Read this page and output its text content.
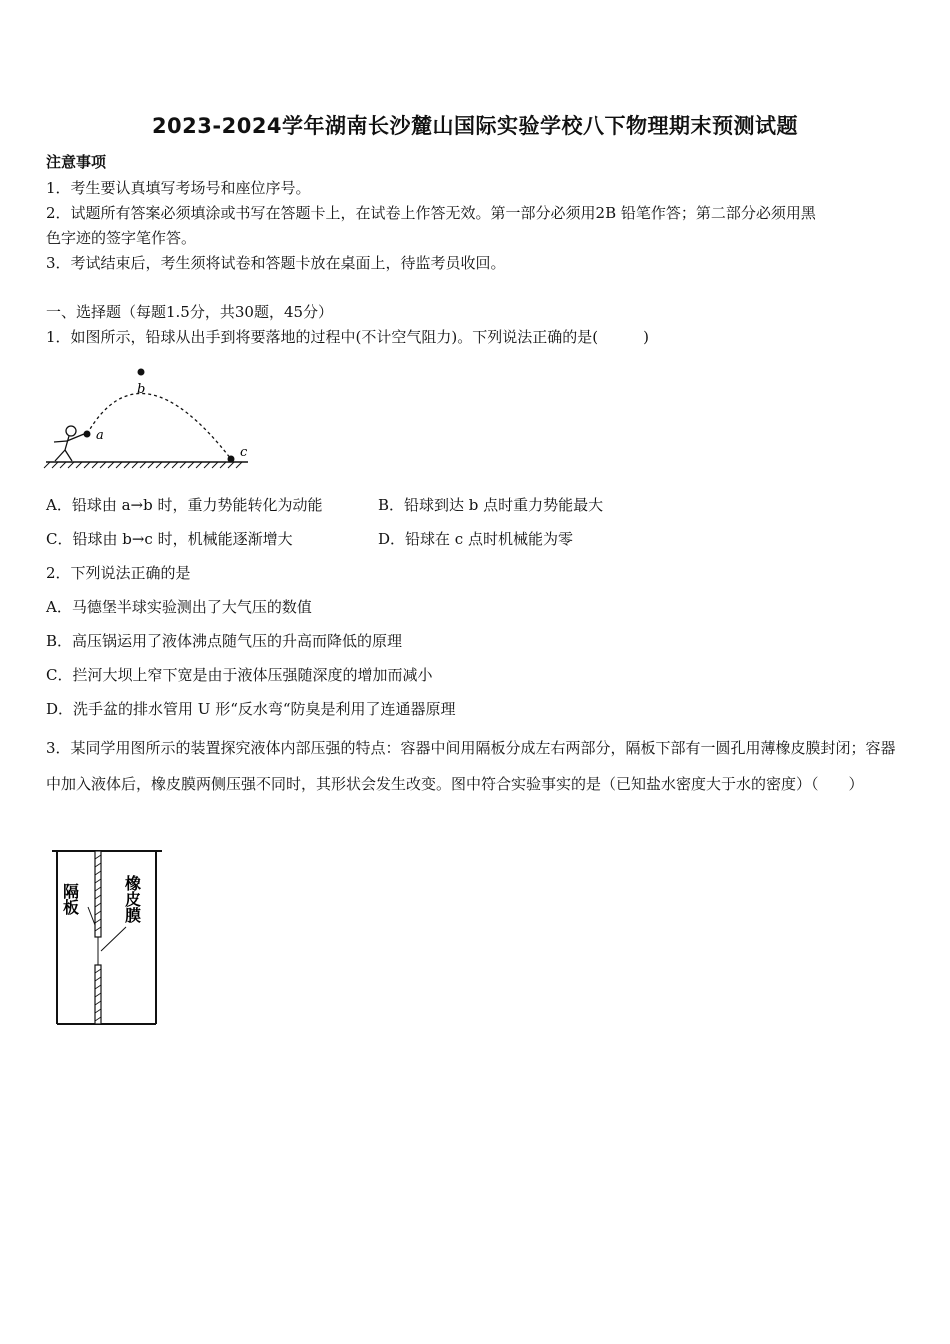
2023-2024学年湖南长沙麓山国际实验学校八下物理期末预测试题
注意事项
1．考生要认真填写考场号和座位序号。
2．试题所有答案必须填涂或书写在答题卡上，在试卷上作答无效。第一部分必须用2B 铅笔作答；第二部分必须用黑
色字迹的签字笔作答。
3．考试结束后，考生须将试卷和答题卡放在桌面上，待监考员收回。
一、选择题（每题1.5分，共30题，45分）
1．如图所示，铅球从出手到将要落地的过程中(不计空气阻力)。下列说法正确的是(　　　)
a
b
c
A．铅球由 a→b 时，重力势能转化为动能	B．铅球到达 b 点时重力势能最大
C．铅球由 b→c 时，机械能逐渐增大	D．铅球在 c 点时机械能为零
2．下列说法正确的是
A．马德堡半球实验测出了大气压的数值
B．高压锅运用了液体沸点随气压的升高而降低的原理
C．拦河大坝上窄下宽是由于液体压强随深度的增加而减小
D．洗手盆的排水管用 U 形“反水弯“防臭是利用了连通器原理
3．某同学用图所示的装置探究液体内部压强的特点：容器中间用隔板分成左右两部分，隔板下部有一圆孔用薄橡皮膜封闭；容器中加入液体后，橡皮膜两侧压强不同时，其形状会发生改变。图中符合实验事实的是（已知盐水密度大于水的密度）（　　）
隔板	橡皮膜
